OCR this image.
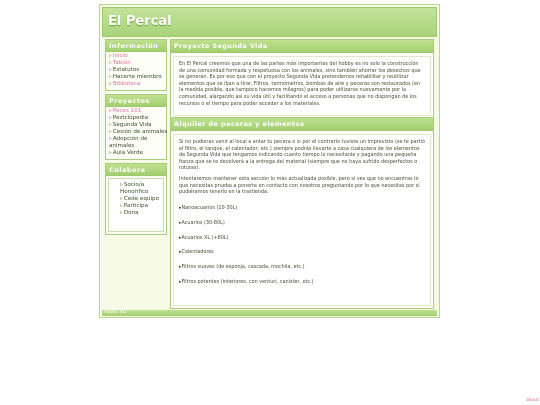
El Percal
Información
▹Inicio
▹Tablón
▹Estatutos
▹Hacerte miembro
▹Biblioteca
Proyectos
▹Peces 101
▹Peztclopedia
▹Segunda Vida
▹Cesión de animales
▹Adopción de animales
▹Aula Verde
Colabora
▹Socio/a Honorífico
▹Cede equipo
▹Participa
▹Dona
Proyecto Segunda Vida

En El Percal creemos que una de las partes más importantes del hobby es no solo la construcción de una comunidad formada y respetuosa con los animales, sino también ahorrar los desechos que se generan. Es por eso que con el proyecto Segunda Vida pretendemos rehabilitar y reutilizar elementos que se iban a tirar. Filtros, termómetros, bombas de aire y peceras son restaurados (en la medida posible, que tampoco hacemos milagros) para poder utilizarse nuevamente por la comunidad, alargando así su vida útil y facilitando el acceso a personas que no dispongan de los recursos o el tiempo para poder acceder a los materiales.

Alquiler de peceras y elementos

Si no pudieras venir al local a antar tu pecera o si por el contrario tuviste un imprevisto (se te partió el filtro, el tanque, el calentador, etc.) siempre podrás llevarte a casa cualquiera de los elementos de Segunda Vida que tengamos indicando cuanto tiempo lo necesitarás y pagando una pequeña fianza que se te devolverá a la entrega del material (siempre que no haya sufrido desperfectos o roturas).

Intentaremos mantener esta sección lo más actualizada posible, pero si ves que no encuentras lo que necesitas prueba a ponerte en contacto con nosotros preguntando por lo que necesitas por si pudiéramos tenerlo en la trastienda.

▸Nanoacuarios (10-30L)
▸Acuarios (30-80L)
▸Acuarios XL (+80L)
▸Calentadores
▸Filtros suaves (de esponja, cascada, mochila, etc.)
▸Filtros potentes (interiores, con venturi, canister, etc.)
Footer XD
about
